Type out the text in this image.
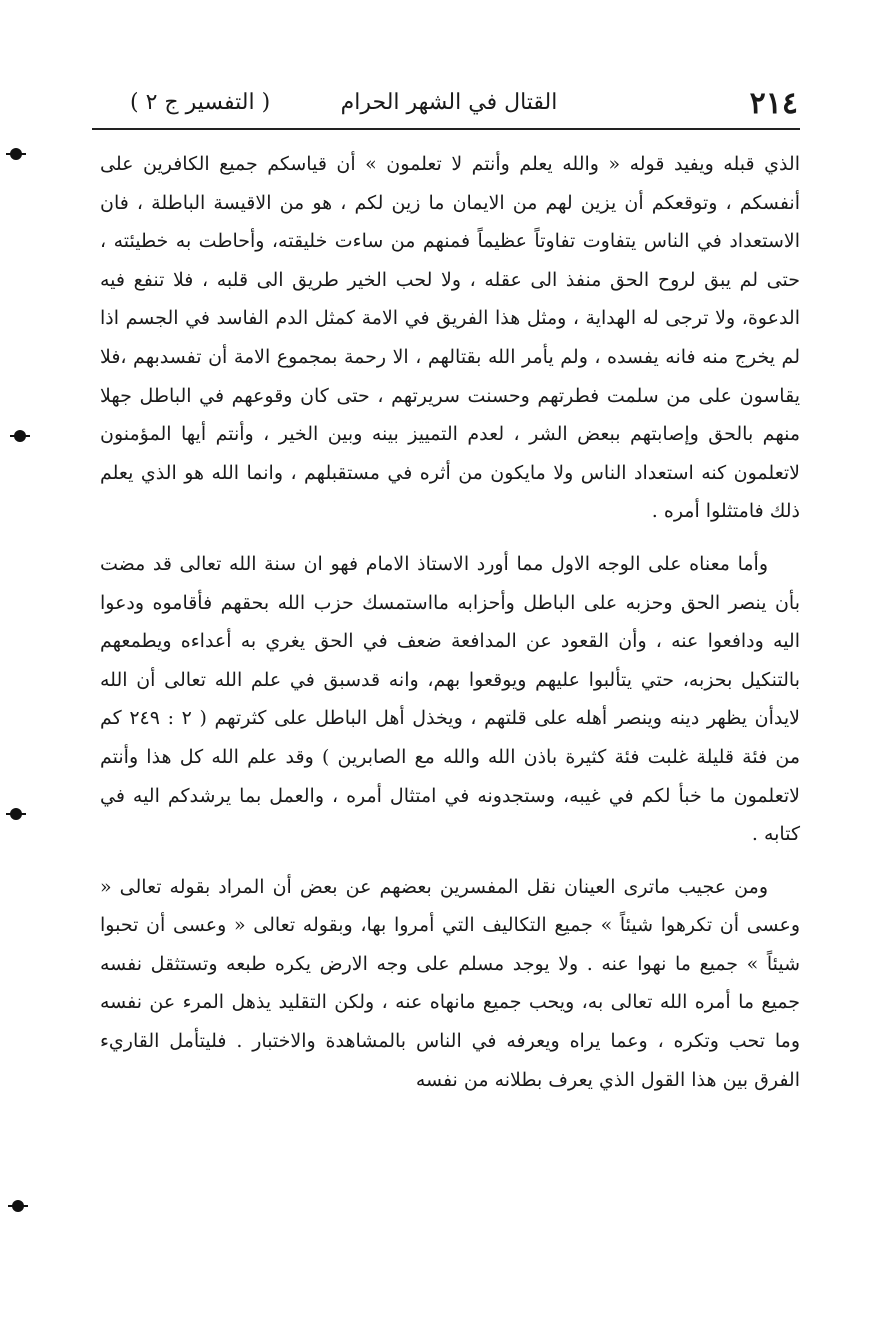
٢١٤
القتال في الشهر الحرام
( التفسير ج ٢ )

الذي قبله ويفيد قوله « والله يعلم وأنتم لا تعلمون » أن قياسكم جميع الكافرين على أنفسكم ، وتوقعكم أن يزين لهم من الايمان ما زين لكم ، هو من الاقيسة الباطلة ، فان الاستعداد في الناس يتفاوت تفاوتاً عظيماً فمنهم من ساءت خليقته، وأحاطت به خطيئته ، حتى لم يبق لروح الحق منفذ الى عقله ، ولا لحب الخير طريق الى قلبه ، فلا تنفع فيه الدعوة، ولا ترجى له الهداية ، ومثل هذا الفريق في الامة كمثل الدم الفاسد في الجسم اذا لم يخرج منه فانه يفسده ، ولم يأمر الله بقتالهم ، الا رحمة بمجموع الامة أن تفسدبهم ،فلا يقاسون على من سلمت فطرتهم وحسنت سريرتهم ، حتى كان وقوعهم في الباطل جهلا منهم بالحق وإصابتهم ببعض الشر ، لعدم التمييز بينه وبين الخير ، وأنتم أيها المؤمنون لاتعلمون كنه استعداد الناس ولا مايكون من أثره في مستقبلهم ، وانما الله هو الذي يعلم ذلك فامتثلوا أمره .

وأما معناه على الوجه الاول مما أورد الاستاذ الامام فهو ان سنة الله تعالى قد مضت بأن ينصر الحق وحزبه على الباطل وأحزابه مااستمسك حزب الله بحقهم فأقاموه ودعوا اليه ودافعوا عنه ، وأن القعود عن المدافعة ضعف في الحق يغري به أعداءه ويطمعهم بالتنكيل بحزبه، حتي يتألبوا عليهم ويوقعوا بهم، وانه قدسبق في علم الله تعالى أن الله لايدأن يظهر دينه وينصر أهله على قلتهم ، ويخذل أهل الباطل على كثرتهم ( ٢ : ٢٤٩ كم من فئة قليلة غلبت فئة كثيرة باذن الله والله مع الصابرين ) وقد علم الله كل هذا وأنتم لاتعلمون ما خبأ لكم في غيبه، وستجدونه في امتثال أمره ، والعمل بما يرشدكم اليه في كتابه .

ومن عجيب ماترى العينان نقل المفسرين بعضهم عن بعض أن المراد بقوله تعالى « وعسى أن تكرهوا شيئاً » جميع التكاليف التي أمروا بها، وبقوله تعالى « وعسى أن تحبوا شيئاً » جميع ما نهوا عنه . ولا يوجد مسلم على وجه الارض يكره طبعه وتستثقل نفسه جميع ما أمره الله تعالى به، ويحب جميع مانهاه عنه ، ولكن التقليد يذهل المرء عن نفسه وما تحب وتكره ، وعما يراه ويعرفه في الناس بالمشاهدة والاختبار . فليتأمل القاريء الفرق بين هذا القول الذي يعرف بطلانه من نفسه
